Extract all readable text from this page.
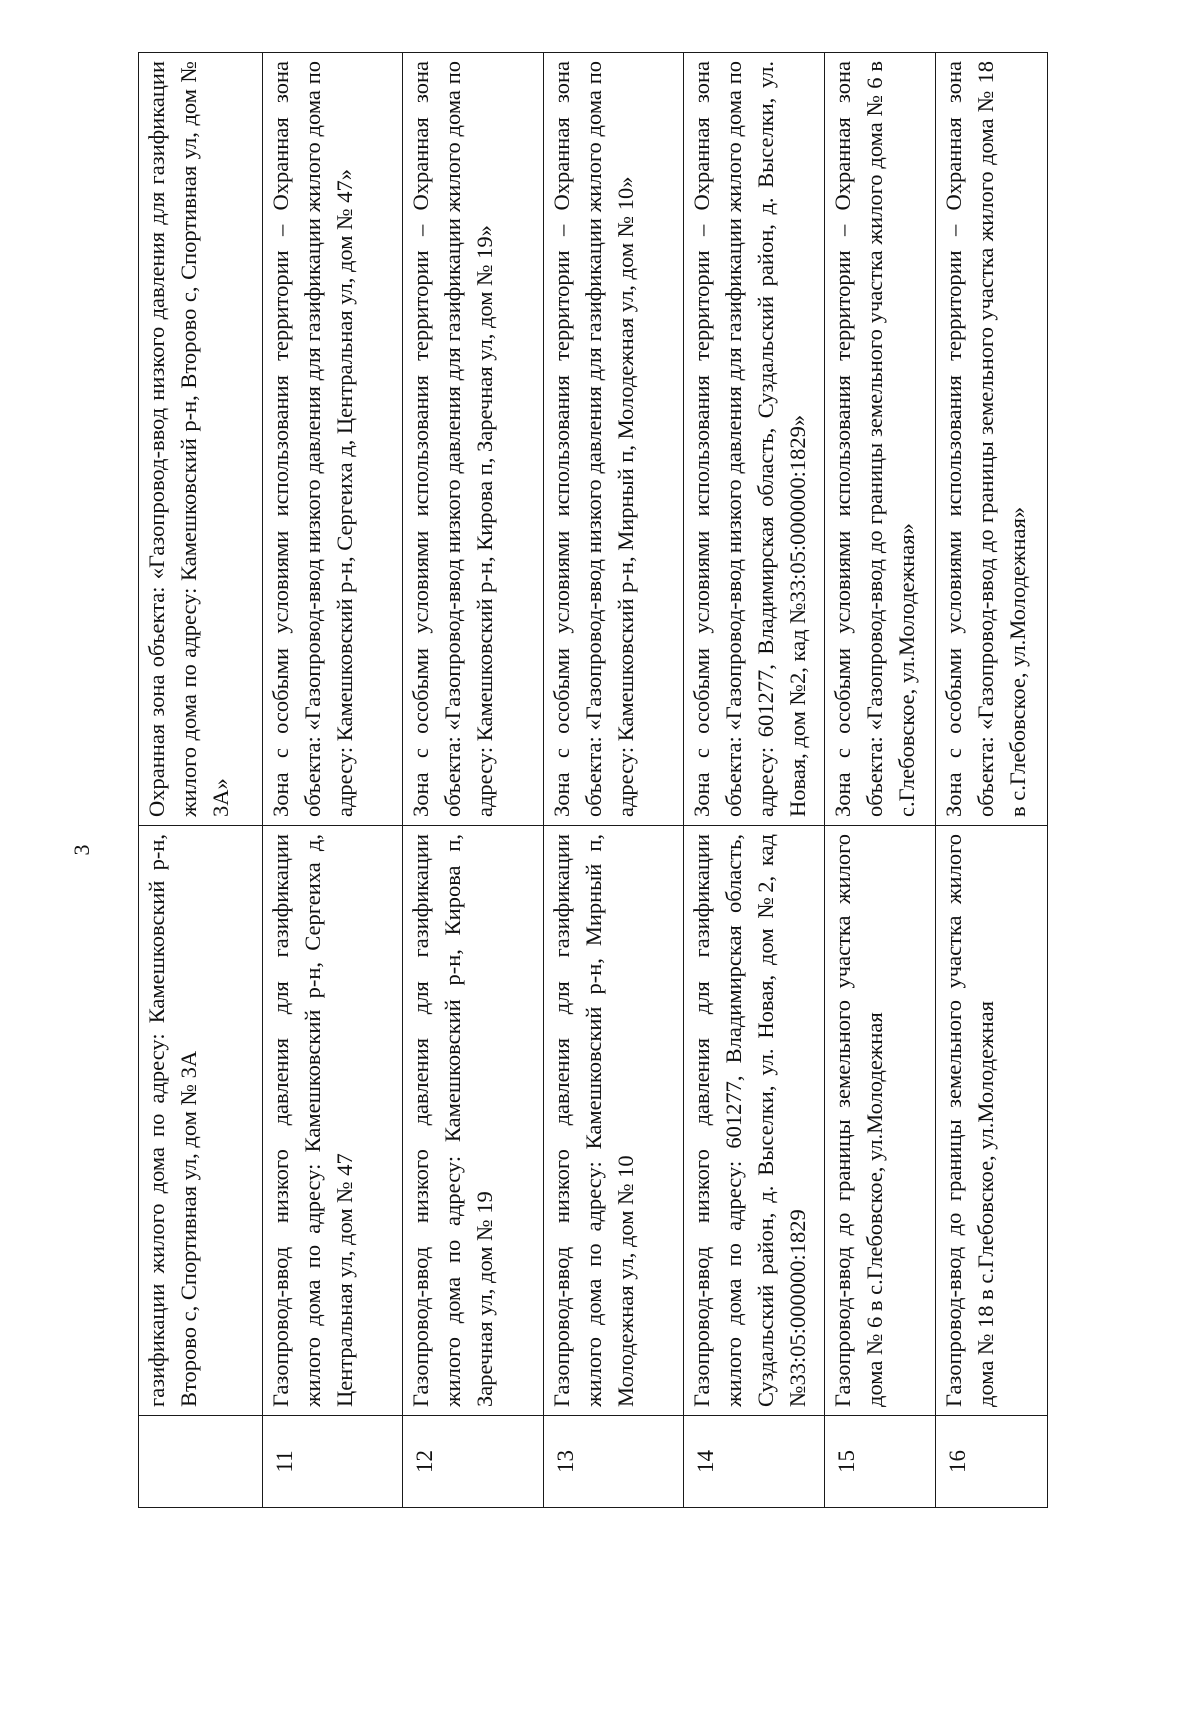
3
	газификации жилого дома по адресу: Камешковский р-н, Второво с, Спортивная ул, дом № 3А	Охранная зона объекта: «Газопровод-ввод низкого давления для газификации жилого дома по адресу: Камешковский р-н, Второво с, Спортивная ул, дом № 3А»
11	Газопровод-ввод низкого давления для газификации жилого дома по адресу: Камешковский р-н, Сергеиха д, Центральная ул, дом № 47	Зона с особыми условиями использования территории – Охранная зона объекта: «Газопровод-ввод низкого давления для газификации жилого дома по адресу: Камешковский р-н, Сергеиха д, Центральная ул, дом № 47»
12	Газопровод-ввод низкого давления для газификации жилого дома по адресу: Камешковский р-н, Кирова п, Заречная ул, дом № 19	Зона с особыми условиями использования территории – Охранная зона объекта: «Газопровод-ввод низкого давления для газификации жилого дома по адресу: Камешковский р-н, Кирова п, Заречная ул, дом № 19»
13	Газопровод-ввод низкого давления для газификации жилого дома по адресу: Камешковский р-н, Мирный п, Молодежная ул, дом № 10	Зона с особыми условиями использования территории – Охранная зона объекта: «Газопровод-ввод низкого давления для газификации жилого дома по адресу: Камешковский р-н, Мирный п, Молодежная ул, дом № 10»
14	Газопровод-ввод низкого давления для газификации жилого дома по адресу: 601277, Владимирская область, Суздальский район, д. Выселки, ул. Новая, дом №2, кад №33:05:000000:1829	Зона с особыми условиями использования территории – Охранная зона объекта: «Газопровод-ввод низкого давления для газификации жилого дома по адресу: 601277, Владимирская область, Суздальский район, д. Выселки, ул. Новая, дом №2, кад №33:05:000000:1829»
15	Газопровод-ввод до границы земельного участка жилого дома № 6 в с.Глебовское, ул.Молодежная	Зона с особыми условиями использования территории – Охранная зона объекта: «Газопровод-ввод до границы земельного участка жилого дома № 6 в с.Глебовское, ул.Молодежная»
16	Газопровод-ввод до границы земельного участка жилого дома № 18 в с.Глебовское, ул.Молодежная	Зона с особыми условиями использования территории – Охранная зона объекта: «Газопровод-ввод до границы земельного участка жилого дома № 18 в с.Глебовское, ул.Молодежная»
